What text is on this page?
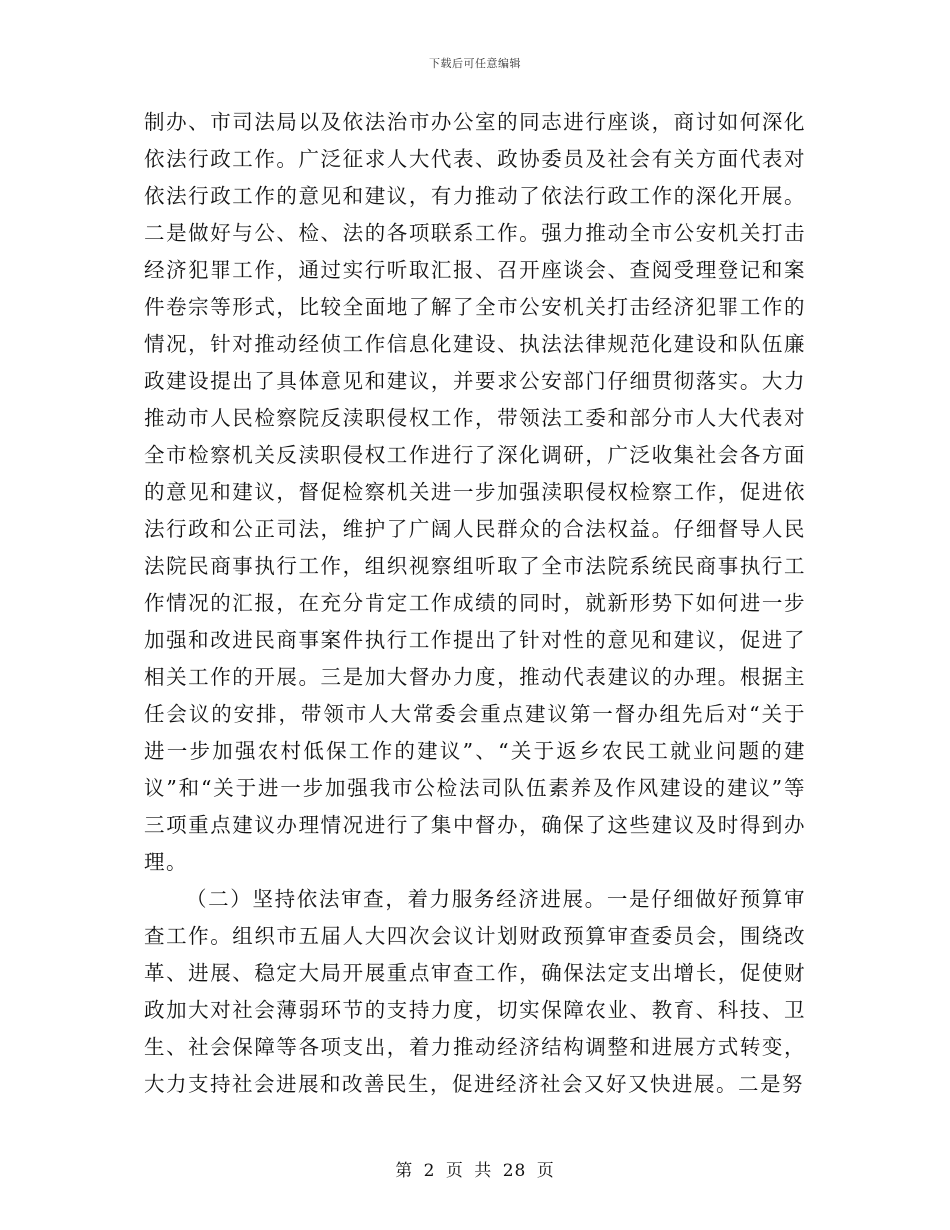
下载后可任意编辑

制办、市司法局以及依法治市办公室的同志进行座谈，商讨如何深化依法行政工作。广泛征求人大代表、政协委员及社会有关方面代表对依法行政工作的意见和建议，有力推动了依法行政工作的深化开展。二是做好与公、检、法的各项联系工作。强力推动全市公安机关打击经济犯罪工作，通过实行听取汇报、召开座谈会、查阅受理登记和案件卷宗等形式，比较全面地了解了全市公安机关打击经济犯罪工作的情况，针对推动经侦工作信息化建设、执法法律规范化建设和队伍廉政建设提出了具体意见和建议，并要求公安部门仔细贯彻落实。大力推动市人民检察院反渎职侵权工作，带领法工委和部分市人大代表对全市检察机关反渎职侵权工作进行了深化调研，广泛收集社会各方面的意见和建议，督促检察机关进一步加强渎职侵权检察工作，促进依法行政和公正司法，维护了广阔人民群众的合法权益。仔细督导人民法院民商事执行工作，组织视察组听取了全市法院系统民商事执行工作情况的汇报，在充分肯定工作成绩的同时，就新形势下如何进一步加强和改进民商事案件执行工作提出了针对性的意见和建议，促进了相关工作的开展。三是加大督办力度，推动代表建议的办理。根据主任会议的安排，带领市人大常委会重点建议第一督办组先后对“关于进一步加强农村低保工作的建议”、“关于返乡农民工就业问题的建议”和“关于进一步加强我市公检法司队伍素养及作风建设的建议”等三项重点建议办理情况进行了集中督办，确保了这些建议及时得到办理。

（二）坚持依法审查，着力服务经济进展。一是仔细做好预算审查工作。组织市五届人大四次会议计划财政预算审查委员会，围绕改革、进展、稳定大局开展重点审查工作，确保法定支出增长，促使财政加大对社会薄弱环节的支持力度，切实保障农业、教育、科技、卫生、社会保障等各项支出，着力推动经济结构调整和进展方式转变，大力支持社会进展和改善民生，促进经济社会又好又快进展。二是努

第 2 页 共 28 页
